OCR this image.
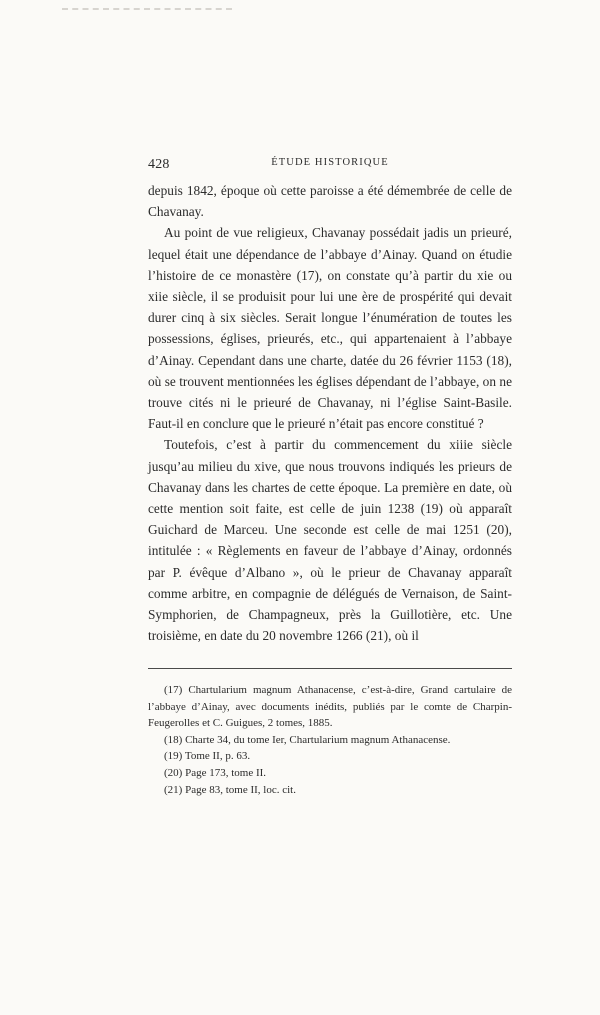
428	ÉTUDE HISTORIQUE

depuis 1842, époque où cette paroisse a été démembrée de celle de Chavanay.

Au point de vue religieux, Chavanay possédait jadis un prieuré, lequel était une dépendance de l’abbaye d’Ainay. Quand on étudie l’histoire de ce monastère (17), on constate qu’à partir du xie ou xiie siècle, il se produisit pour lui une ère de prospérité qui devait durer cinq à six siècles. Serait longue l’énumération de toutes les possessions, églises, prieurés, etc., qui appartenaient à l’abbaye d’Ainay. Cependant dans une charte, datée du 26 février 1153 (18), où se trouvent mentionnées les églises dépendant de l’abbaye, on ne trouve cités ni le prieuré de Chavanay, ni l’église Saint-Basile. Faut-il en conclure que le prieuré n’était pas encore constitué ?

Toutefois, c’est à partir du commencement du xiiie siècle jusqu’au milieu du xive, que nous trouvons indiqués les prieurs de Chavanay dans les chartes de cette époque. La première en date, où cette mention soit faite, est celle de juin 1238 (19) où apparaît Guichard de Marceu. Une seconde est celle de mai 1251 (20), intitulée : « Règlements en faveur de l’abbaye d’Ainay, ordonnés par P. évêque d’Albano », où le prieur de Chavanay apparaît comme arbitre, en compagnie de délégués de Vernaison, de Saint-Symphorien, de Champagneux, près la Guillotière, etc. Une troisième, en date du 20 novembre 1266 (21), où il

(17) Chartularium magnum Athanacense, c’est-à-dire, Grand cartulaire de l’abbaye d’Ainay, avec documents inédits, publiés par le comte de Charpin-Feugerolles et C. Guigues, 2 tomes, 1885.

(18) Charte 34, du tome Ier, Chartularium magnum Athanacense.

(19) Tome II, p. 63.

(20) Page 173, tome II.

(21) Page 83, tome II, loc. cit.
